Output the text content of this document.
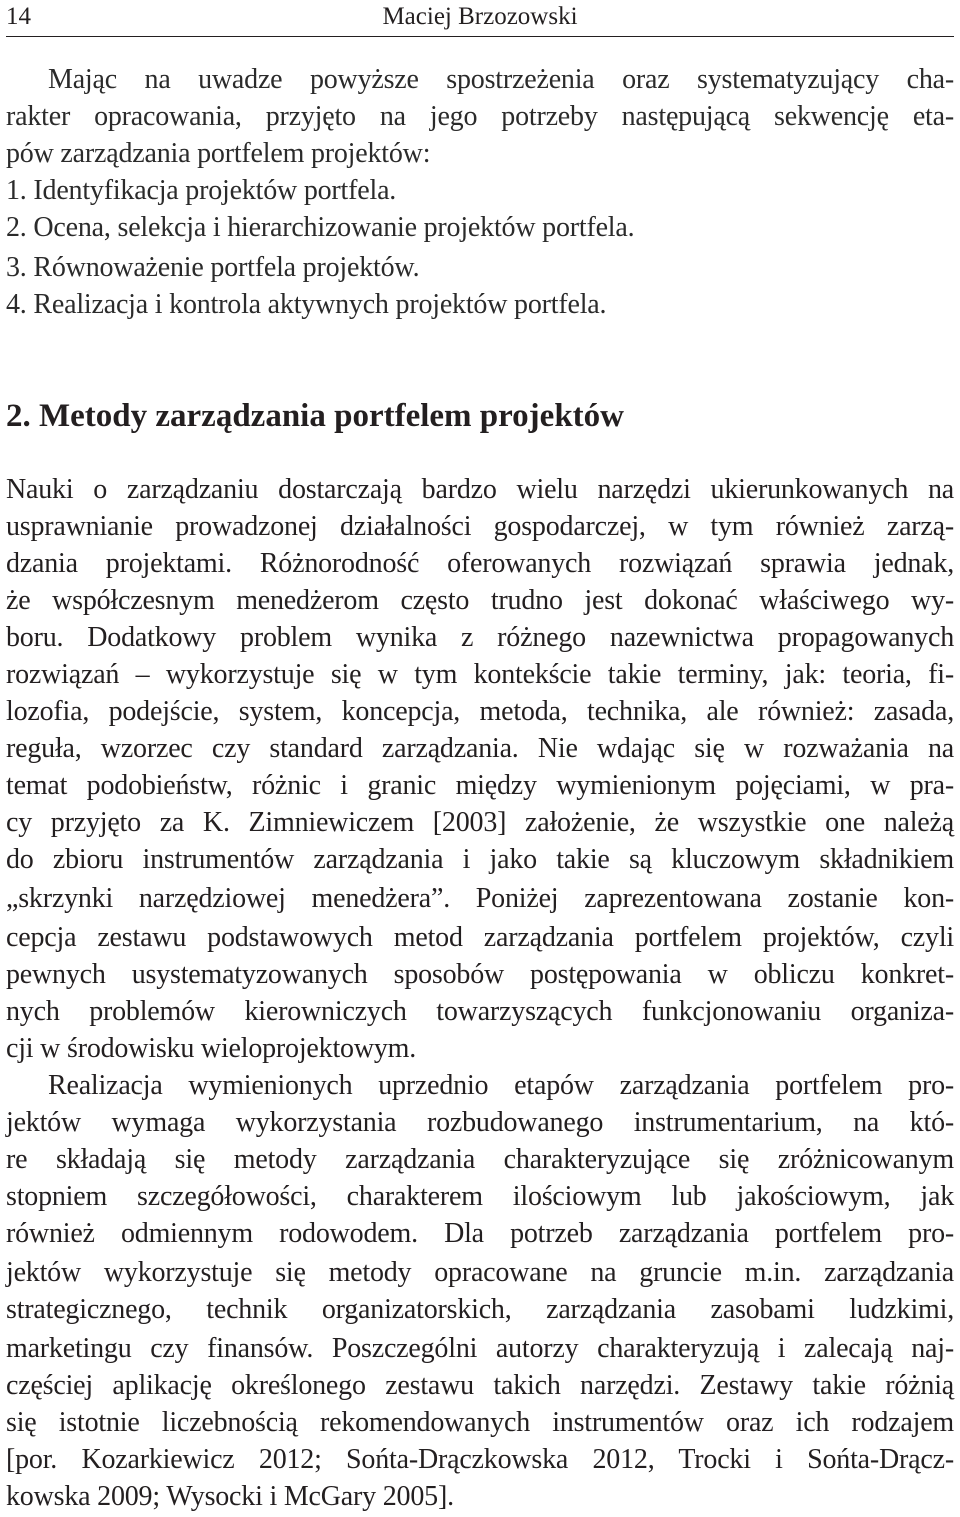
14	Maciej Brzozowski
Mając na uwadze powyższe spostrzeżenia oraz systematyzujący cha-
rakter opracowania, przyjęto na jego potrzeby następującą sekwencję eta-
pów zarządzania portfelem projektów:
1. Identyfikacja projektów portfela.
2. Ocena, selekcja i hierarchizowanie projektów portfela.
3. Równoważenie portfela projektów.
4. Realizacja i kontrola aktywnych projektów portfela.
2. Metody zarządzania portfelem projektów
Nauki o zarządzaniu dostarczają bardzo wielu narzędzi ukierunkowanych na
usprawnianie prowadzonej działalności gospodarczej, w tym również zarzą-
dzania projektami. Różnorodność oferowanych rozwiązań sprawia jednak,
że współczesnym menedżerom często trudno jest dokonać właściwego wy-
boru. Dodatkowy problem wynika z różnego nazewnictwa propagowanych
rozwiązań – wykorzystuje się w tym kontekście takie terminy, jak: teoria, fi-
lozofia, podejście, system, koncepcja, metoda, technika, ale również: zasada,
reguła, wzorzec czy standard zarządzania. Nie wdając się w rozważania na
temat podobieństw, różnic i granic między wymienionym pojęciami, w pra-
cy przyjęto za K. Zimniewiczem [2003] założenie, że wszystkie one należą
do zbioru instrumentów zarządzania i jako takie są kluczowym składnikiem
„skrzynki narzędziowej menedżera”. Poniżej zaprezentowana zostanie kon-
cepcja zestawu podstawowych metod zarządzania portfelem projektów, czyli
pewnych usystematyzowanych sposobów postępowania w obliczu konkret-
nych problemów kierowniczych towarzyszących funkcjonowaniu organiza-
cji w środowisku wieloprojektowym.
Realizacja wymienionych uprzednio etapów zarządzania portfelem pro-
jektów wymaga wykorzystania rozbudowanego instrumentarium, na któ-
re składają się metody zarządzania charakteryzujące się zróżnicowanym
stopniem szczegółowości, charakterem ilościowym lub jakościowym, jak
również odmiennym rodowodem. Dla potrzeb zarządzania portfelem pro-
jektów wykorzystuje się metody opracowane na gruncie m.in. zarządzania
strategicznego, technik organizatorskich, zarządzania zasobami ludzkimi,
marketingu czy finansów. Poszczególni autorzy charakteryzują i zalecają naj-
częściej aplikację określonego zestawu takich narzędzi. Zestawy takie różnią
się istotnie liczebnością rekomendowanych instrumentów oraz ich rodzajem
[por. Kozarkiewicz 2012; Sońta-Drączkowska 2012, Trocki i Sońta-Drącz-
kowska 2009; Wysocki i McGary 2005].
